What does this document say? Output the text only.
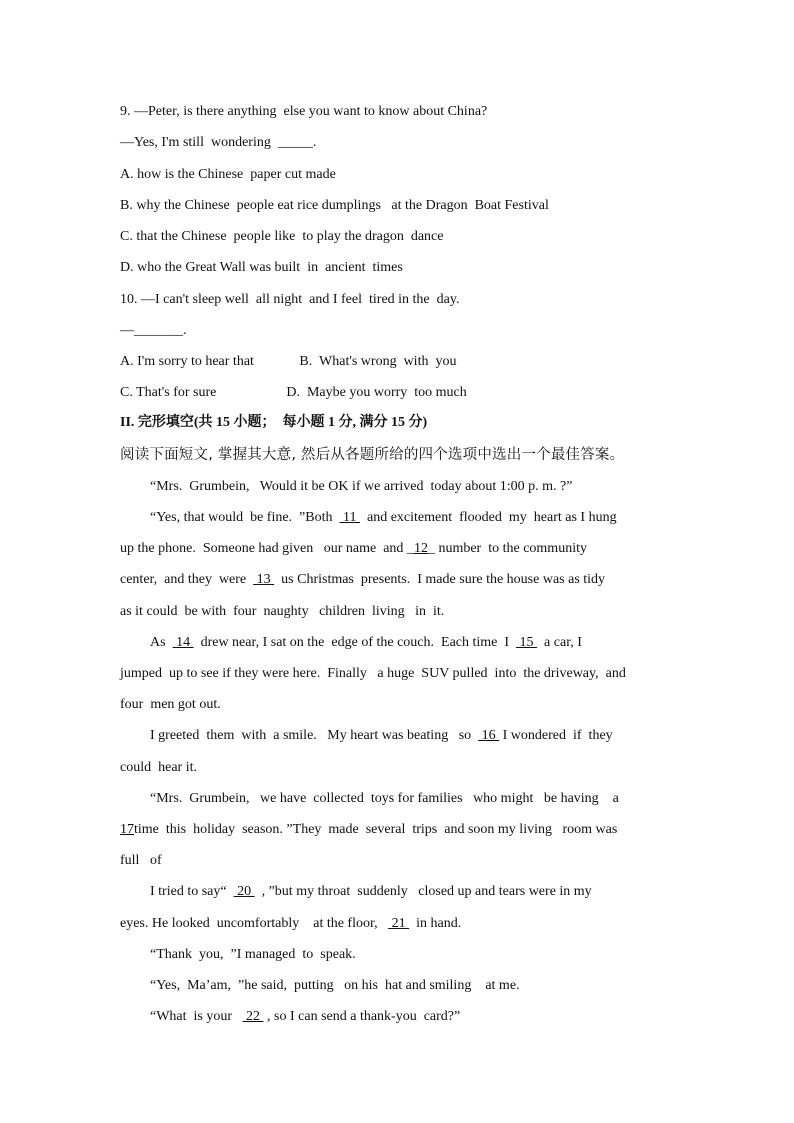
9. —Peter, is there anything  else you want to know about China?
—Yes, I'm still  wondering  _____.
A. how is the Chinese  paper cut made
B. why the Chinese  people eat rice dumplings   at the Dragon  Boat Festival
C. that the Chinese  people like  to play the dragon  dance
D. who the Great Wall was built  in  ancient  times
10. —I can't sleep well  all night  and I feel  tired in the  day.
—_______.
A. I'm sorry to hear that             B.  What's wrong  with  you
C. That's for sure                    D.  Maybe you worry  too much
II. 完形填空(共 15 小题；  每小题 1 分, 满分 15 分)
阅读下面短文, 掌握其大意, 然后从各题所给的四个选项中选出一个最佳答案。
“Mrs.  Grumbein,   Would it be OK if we arrived  today about 1:00 p. m. ?”
“Yes, that would  be fine.  ”Both   11   and excitement  flooded  my  heart as I hung
up the phone.  Someone had given   our name  and _12_ number  to the community
center,  and they  were   13   us Christmas  presents.  I made sure the house was as tidy
as it could  be with  four  naughty   children  living   in  it.
As   14   drew near, I sat on the  edge of the couch.  Each time  I   15   a car, I
jumped  up to see if they were here.  Finally   a huge  SUV pulled  into  the driveway,  and
four  men got out.
I greeted  them  with  a smile.   My heart was beating   so   16  I wondered  if  they
could  hear it.
“Mrs.  Grumbein,   we have  collected  toys for families   who might   be having    a
17time  this  holiday  season. ”They  made  several  trips  and soon my living   room was
full   of
I tried to say“   20   , ”but my throat  suddenly   closed up and tears were in my
eyes. He looked  uncomfortably    at the floor,    21   in hand.
“Thank  you,  ”I managed  to  speak.
“Yes,  Ma’am,  ”he said,  putting   on his  hat and smiling    at me.
“What  is your    22  , so I can send a thank-you  card?”
